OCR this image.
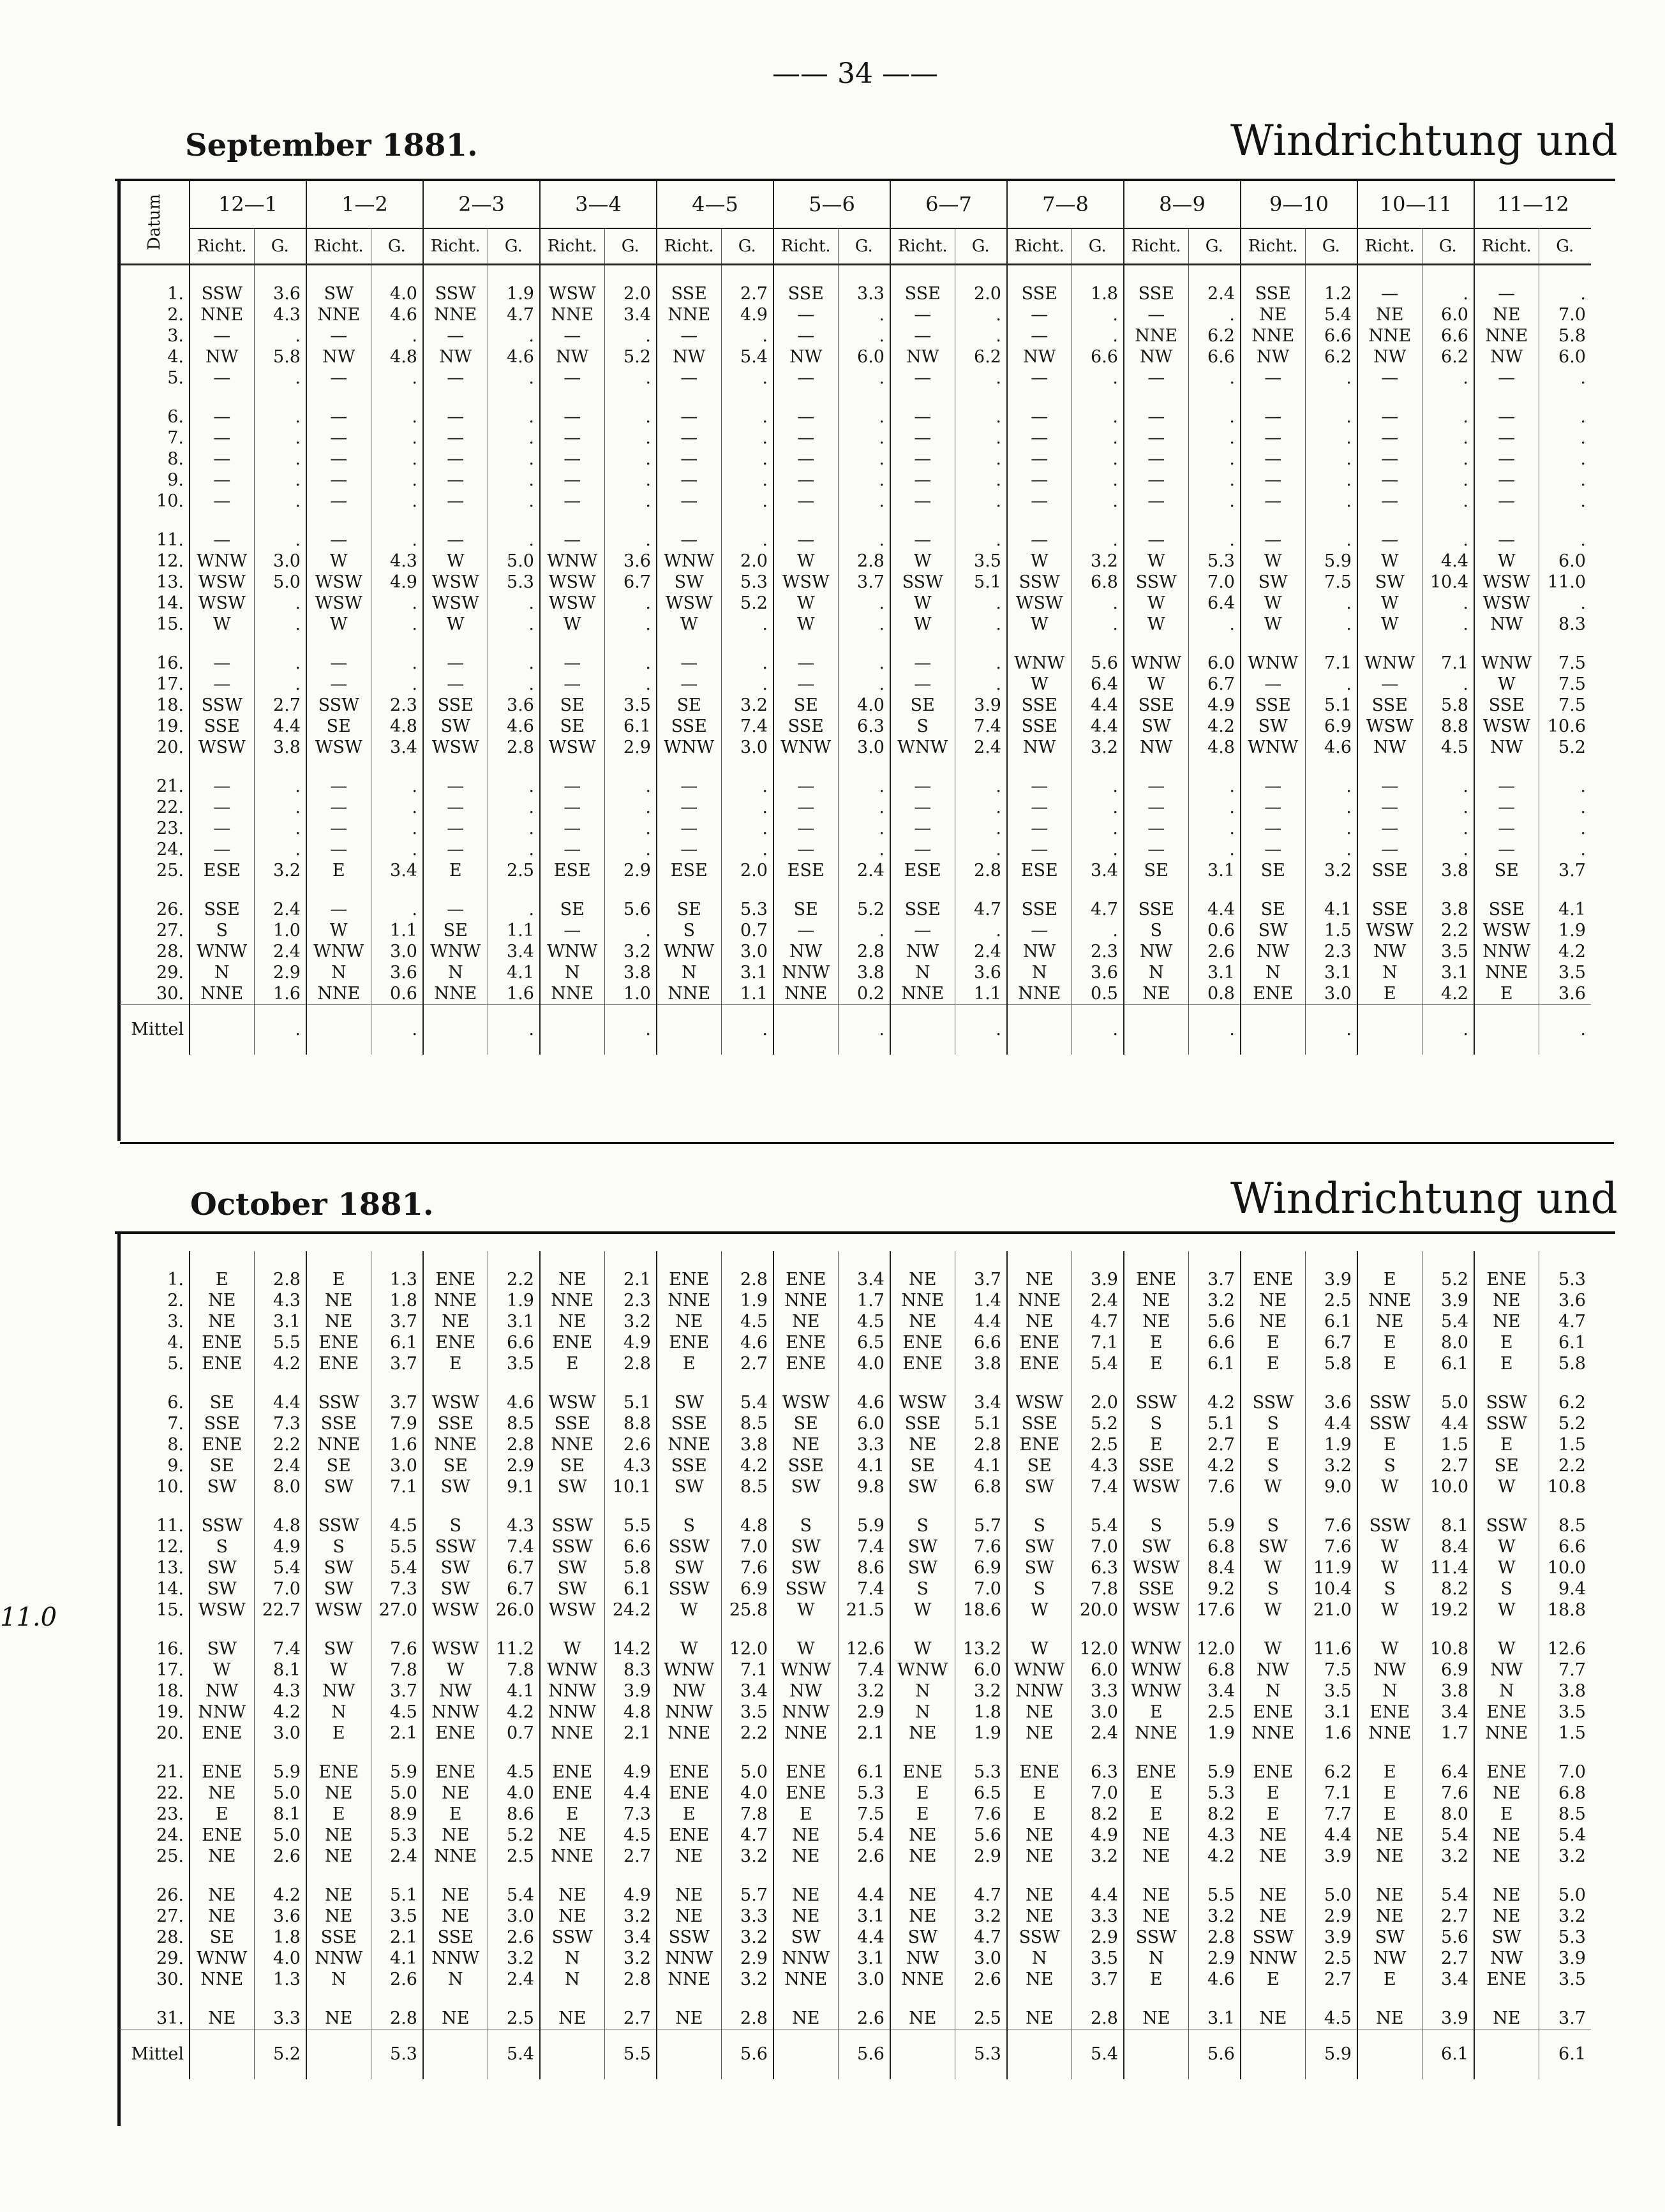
—— 34 ——
September 1881.	Windrichtung und
Datum	12—1		1—2		2—3		3—4		4—5		5—6		6—7		7—8		8—9		9—10		10—11		11—12	
	Richt.	G.	Richt.	G.	Richt.	G.	Richt.	G.	Richt.	G.	Richt.	G.	Richt.	G.	Richt.	G.	Richt.	G.	Richt.	G.	Richt.	G.	Richt.	G.

1.	SSW	3.6	SW	4.0	SSW	1.9	WSW	2.0	SSE	2.7	SSE	3.3	SSE	2.0	SSE	1.8	SSE	2.4	SSE	1.2	—	.	—	.
2.	NNE	4.3	NNE	4.6	NNE	4.7	NNE	3.4	NNE	4.9	—	.	—	.	—	.	—	.	NE	5.4	NE	6.0	NE	7.0
3.	—	.	—	.	—	.	—	.	—	.	—	.	—	.	—	.	NNE	6.2	NNE	6.6	NNE	6.6	NNE	5.8
4.	NW	5.8	NW	4.8	NW	4.6	NW	5.2	NW	5.4	NW	6.0	NW	6.2	NW	6.6	NW	6.6	NW	6.2	NW	6.2	NW	6.0
5.	—	.	—	.	—	.	—	.	—	.	—	.	—	.	—	.	—	.	—	.	—	.	—	.

6.	—	.	—	.	—	.	—	.	—	.	—	.	—	.	—	.	—	.	—	.	—	.	—	.
7.	—	.	—	.	—	.	—	.	—	.	—	.	—	.	—	.	—	.	—	.	—	.	—	.
8.	—	.	—	.	—	.	—	.	—	.	—	.	—	.	—	.	—	.	—	.	—	.	—	.
9.	—	.	—	.	—	.	—	.	—	.	—	.	—	.	—	.	—	.	—	.	—	.	—	.
10.	—	.	—	.	—	.	—	.	—	.	—	.	—	.	—	.	—	.	—	.	—	.	—	.

11.	—	.	—	.	—	.	—	.	—	.	—	.	—	.	—	.	—	.	—	.	—	.	—	.
12.	WNW	3.0	W	4.3	W	5.0	WNW	3.6	WNW	2.0	W	2.8	W	3.5	W	3.2	W	5.3	W	5.9	W	4.4	W	6.0
13.	WSW	5.0	WSW	4.9	WSW	5.3	WSW	6.7	SW	5.3	WSW	3.7	SSW	5.1	SSW	6.8	SSW	7.0	SW	7.5	SW	10.4	WSW	11.0
14.	WSW	.	WSW	.	WSW	.	WSW	.	WSW	5.2	W	.	W	.	WSW	.	W	6.4	W	.	W	.	WSW	.
15.	W	.	W	.	W	.	W	.	W	.	W	.	W	.	W	.	W	.	W	.	W	.	NW	8.3

16.	—	.	—	.	—	.	—	.	—	.	—	.	—	.	WNW	5.6	WNW	6.0	WNW	7.1	WNW	7.1	WNW	7.5
17.	—	.	—	.	—	.	—	.	—	.	—	.	—	.	W	6.4	W	6.7	—	.	—	.	W	7.5
18.	SSW	2.7	SSW	2.3	SSE	3.6	SE	3.5	SE	3.2	SE	4.0	SE	3.9	SSE	4.4	SSE	4.9	SSE	5.1	SSE	5.8	SSE	7.5
19.	SSE	4.4	SE	4.8	SW	4.6	SE	6.1	SSE	7.4	SSE	6.3	S	7.4	SSE	4.4	SW	4.2	SW	6.9	WSW	8.8	WSW	10.6
20.	WSW	3.8	WSW	3.4	WSW	2.8	WSW	2.9	WNW	3.0	WNW	3.0	WNW	2.4	NW	3.2	NW	4.8	WNW	4.6	NW	4.5	NW	5.2

21.	—	.	—	.	—	.	—	.	—	.	—	.	—	.	—	.	—	.	—	.	—	.	—	.
22.	—	.	—	.	—	.	—	.	—	.	—	.	—	.	—	.	—	.	—	.	—	.	—	.
23.	—	.	—	.	—	.	—	.	—	.	—	.	—	.	—	.	—	.	—	.	—	.	—	.
24.	—	.	—	.	—	.	—	.	—	.	—	.	—	.	—	.	—	.	—	.	—	.	—	.
25.	ESE	3.2	E	3.4	E	2.5	ESE	2.9	ESE	2.0	ESE	2.4	ESE	2.8	ESE	3.4	SE	3.1	SE	3.2	SSE	3.8	SE	3.7

26.	SSE	2.4	—	.	—	.	SE	5.6	SE	5.3	SE	5.2	SSE	4.7	SSE	4.7	SSE	4.4	SE	4.1	SSE	3.8	SSE	4.1
27.	S	1.0	W	1.1	SE	1.1	—	.	S	0.7	—	.	—	.	—	.	S	0.6	SW	1.5	WSW	2.2	WSW	1.9
28.	WNW	2.4	WNW	3.0	WNW	3.4	WNW	3.2	WNW	3.0	NW	2.8	NW	2.4	NW	2.3	NW	2.6	NW	2.3	NW	3.5	NNW	4.2
29.	N	2.9	N	3.6	N	4.1	N	3.8	N	3.1	NNW	3.8	N	3.6	N	3.6	N	3.1	N	3.1	N	3.1	NNE	3.5
30.	NNE	1.6	NNE	0.6	NNE	1.6	NNE	1.0	NNE	1.1	NNE	0.2	NNE	1.1	NNE	0.5	NE	0.8	ENE	3.0	E	4.2	E	3.6
Mittel		.		.		.		.		.		.		.		.		.		.		.		.
October 1881.	Windrichtung und

1.	E	2.8	E	1.3	ENE	2.2	NE	2.1	ENE	2.8	ENE	3.4	NE	3.7	NE	3.9	ENE	3.7	ENE	3.9	E	5.2	ENE	5.3
2.	NE	4.3	NE	1.8	NNE	1.9	NNE	2.3	NNE	1.9	NNE	1.7	NNE	1.4	NNE	2.4	NE	3.2	NE	2.5	NNE	3.9	NE	3.6
3.	NE	3.1	NE	3.7	NE	3.1	NE	3.2	NE	4.5	NE	4.5	NE	4.4	NE	4.7	NE	5.6	NE	6.1	NE	5.4	NE	4.7
4.	ENE	5.5	ENE	6.1	ENE	6.6	ENE	4.9	ENE	4.6	ENE	6.5	ENE	6.6	ENE	7.1	E	6.6	E	6.7	E	8.0	E	6.1
5.	ENE	4.2	ENE	3.7	E	3.5	E	2.8	E	2.7	ENE	4.0	ENE	3.8	ENE	5.4	E	6.1	E	5.8	E	6.1	E	5.8

6.	SE	4.4	SSW	3.7	WSW	4.6	WSW	5.1	SW	5.4	WSW	4.6	WSW	3.4	WSW	2.0	SSW	4.2	SSW	3.6	SSW	5.0	SSW	6.2
7.	SSE	7.3	SSE	7.9	SSE	8.5	SSE	8.8	SSE	8.5	SE	6.0	SSE	5.1	SSE	5.2	S	5.1	S	4.4	SSW	4.4	SSW	5.2
8.	ENE	2.2	NNE	1.6	NNE	2.8	NNE	2.6	NNE	3.8	NE	3.3	NE	2.8	ENE	2.5	E	2.7	E	1.9	E	1.5	E	1.5
9.	SE	2.4	SE	3.0	SE	2.9	SE	4.3	SSE	4.2	SSE	4.1	SE	4.1	SE	4.3	SSE	4.2	S	3.2	S	2.7	SE	2.2
10.	SW	8.0	SW	7.1	SW	9.1	SW	10.1	SW	8.5	SW	9.8	SW	6.8	SW	7.4	WSW	7.6	W	9.0	W	10.0	W	10.8

11.	SSW	4.8	SSW	4.5	S	4.3	SSW	5.5	S	4.8	S	5.9	S	5.7	S	5.4	S	5.9	S	7.6	SSW	8.1	SSW	8.5
12.	S	4.9	S	5.5	SSW	7.4	SSW	6.6	SSW	7.0	SW	7.4	SW	7.6	SW	7.0	SW	6.8	SW	7.6	W	8.4	W	6.6
13.	SW	5.4	SW	5.4	SW	6.7	SW	5.8	SW	7.6	SW	8.6	SW	6.9	SW	6.3	WSW	8.4	W	11.9	W	11.4	W	10.0
14.	SW	7.0	SW	7.3	SW	6.7	SW	6.1	SSW	6.9	SSW	7.4	S	7.0	S	7.8	SSE	9.2	S	10.4	S	8.2	S	9.4
15.	WSW	22.7	WSW	27.0	WSW	26.0	WSW	24.2	W	25.8	W	21.5	W	18.6	W	20.0	WSW	17.6	W	21.0	W	19.2	W	18.8

16.	SW	7.4	SW	7.6	WSW	11.2	W	14.2	W	12.0	W	12.6	W	13.2	W	12.0	WNW	12.0	W	11.6	W	10.8	W	12.6
17.	W	8.1	W	7.8	W	7.8	WNW	8.3	WNW	7.1	WNW	7.4	WNW	6.0	WNW	6.0	WNW	6.8	NW	7.5	NW	6.9	NW	7.7
18.	NW	4.3	NW	3.7	NW	4.1	NNW	3.9	NW	3.4	NW	3.2	N	3.2	NNW	3.3	WNW	3.4	N	3.5	N	3.8	N	3.8
19.	NNW	4.2	N	4.5	NNW	4.2	NNW	4.8	NNW	3.5	NNW	2.9	N	1.8	NE	3.0	E	2.5	ENE	3.1	ENE	3.4	ENE	3.5
20.	ENE	3.0	E	2.1	ENE	0.7	NNE	2.1	NNE	2.2	NNE	2.1	NE	1.9	NE	2.4	NNE	1.9	NNE	1.6	NNE	1.7	NNE	1.5

21.	ENE	5.9	ENE	5.9	ENE	4.5	ENE	4.9	ENE	5.0	ENE	6.1	ENE	5.3	ENE	6.3	ENE	5.9	ENE	6.2	E	6.4	ENE	7.0
22.	NE	5.0	NE	5.0	NE	4.0	ENE	4.4	ENE	4.0	ENE	5.3	E	6.5	E	7.0	E	5.3	E	7.1	E	7.6	NE	6.8
23.	E	8.1	E	8.9	E	8.6	E	7.3	E	7.8	E	7.5	E	7.6	E	8.2	E	8.2	E	7.7	E	8.0	E	8.5
24.	ENE	5.0	NE	5.3	NE	5.2	NE	4.5	ENE	4.7	NE	5.4	NE	5.6	NE	4.9	NE	4.3	NE	4.4	NE	5.4	NE	5.4
25.	NE	2.6	NE	2.4	NNE	2.5	NNE	2.7	NE	3.2	NE	2.6	NE	2.9	NE	3.2	NE	4.2	NE	3.9	NE	3.2	NE	3.2

26.	NE	4.2	NE	5.1	NE	5.4	NE	4.9	NE	5.7	NE	4.4	NE	4.7	NE	4.4	NE	5.5	NE	5.0	NE	5.4	NE	5.0
27.	NE	3.6	NE	3.5	NE	3.0	NE	3.2	NE	3.3	NE	3.1	NE	3.2	NE	3.3	NE	3.2	NE	2.9	NE	2.7	NE	3.2
28.	SE	1.8	SSE	2.1	SSE	2.6	SSW	3.4	SSW	3.2	SW	4.4	SW	4.7	SSW	2.9	SSW	2.8	SSW	3.9	SW	5.6	SW	5.3
29.	WNW	4.0	NNW	4.1	NNW	3.2	N	3.2	NNW	2.9	NNW	3.1	NW	3.0	N	3.5	N	2.9	NNW	2.5	NW	2.7	NW	3.9
30.	NNE	1.3	N	2.6	N	2.4	N	2.8	NNE	3.2	NNE	3.0	NNE	2.6	NE	3.7	E	4.6	E	2.7	E	3.4	ENE	3.5

31.	NE	3.3	NE	2.8	NE	2.5	NE	2.7	NE	2.8	NE	2.6	NE	2.5	NE	2.8	NE	3.1	NE	4.5	NE	3.9	NE	3.7
Mittel		5.2		5.3		5.4		5.5		5.6		5.6		5.3		5.4		5.6		5.9		6.1		6.1
11.0
